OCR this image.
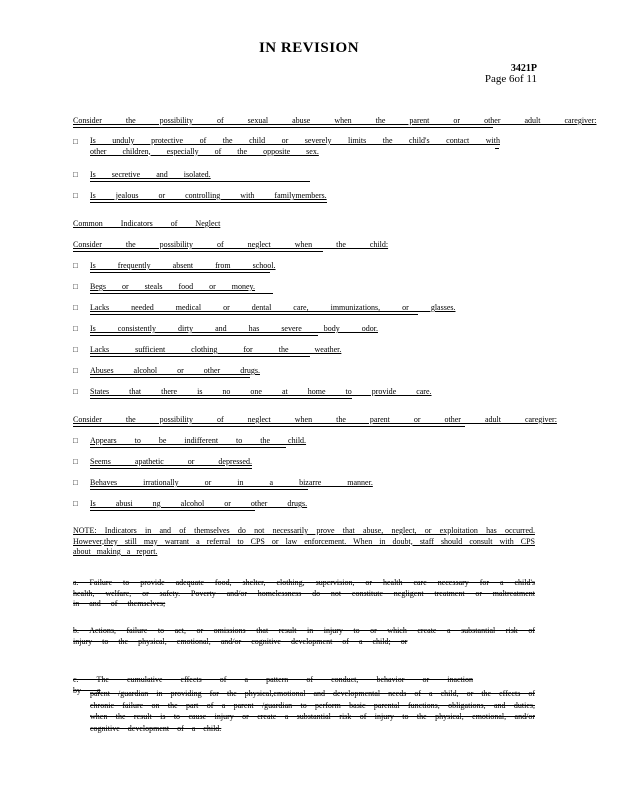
IN REVISION
3421P
Page 6of 11
Consider the possibility of sexual abuse when the parent or other adult caregiver:
□ Is unduly protective of the child or severely limits the child's contact with other children, especially of the opposite sex.
□ Is secretive and isolated.
□ Is jealous or controlling with familymembers.
Common Indicators of Neglect
Consider the possibility of neglect when the child:
□ Is frequently absent from school.
□ Begs or steals food or money.
□ Lacks needed medical or dental care, immunizations, or glasses.
□ Is consistently dirty and has severe body odor.
□ Lacks sufficient clothing for the weather.
□ Abuses alcohol or other drugs.
□ States that there is no one at home to provide care.
Consider the possibility of neglect when the parent or other adult caregiver:
□ Appears to be indifferent to the child.
□ Seems apathetic or depressed.
□ Behaves irrationally or in a bizarre manner.
□ Is abusi ng alcohol or other drugs.
NOTE: Indicators in and of themselves do not necessarily prove that abuse, neglect, or exploitation has occurred. However,they still may warrant a referral to CPS or law enforcement. When in doubt, staff should consult with CPS about making a report.
a. Failure to provide adequate food, shelter, clothing, supervision, or health care necessary for a child's health, welfare, or safety. Poverty and/or homelessness do not constitute negligent treatment or maltreatment in and of themselves;
b. Actions, failure to act, or omissions that result in injury to or which create a substantial risk of injury to the physical, emotional, and/or cognitive development of a child; or
c. The cumulative effects of a pattern of conduct, behavior or inaction by a
parent /guardian in providing for the physical,emotional and developmental needs of a child, or the effects of chronic failure on the part of a parent /guardian to perform basic parental functions, obligations, and duties, when the result is to cause injury or create a substantial risk of injury to the physical, emotional, and/or cognitive development of a child.
